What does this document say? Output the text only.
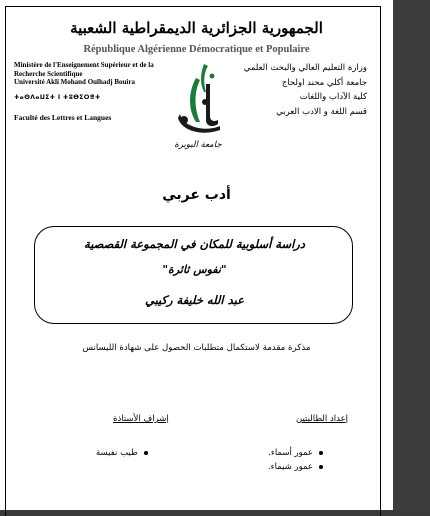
الجمهورية الجزائرية الديمقراطية الشعبية
République Algérienne Démocratique et Populaire
Ministère de l'Enseignement Supérieur et de la Recherche Scientifique
Université Akli Mohand Oulhadj Bouira
ⵜⴰⵙⴷⴰⵡⵉⵜ ⵏ ⵜⵓⴱⵉⵔⴻⵜ
Faculté des Lettres et Langues
وزارة التعليم العالي والبحث العلمي
جامعة أكلي محند اولحاج
كلية الآداب واللغات
قسم اللغة و الادب العربي
جامعة البويرة
أدب عربي
دراسة أسلوبية للمكان في المجموعة القصصية
"نفوس ثائرة"
عبد الله خليفة ركيبي
مذكرة مقدمة لاستكمال متطلبات الحصول على شهادة الليسانس
إشراف الأستاذة	إعداد الطالبتين
طيب نفيسة	عمور أسماء.
عمور شيماء.
